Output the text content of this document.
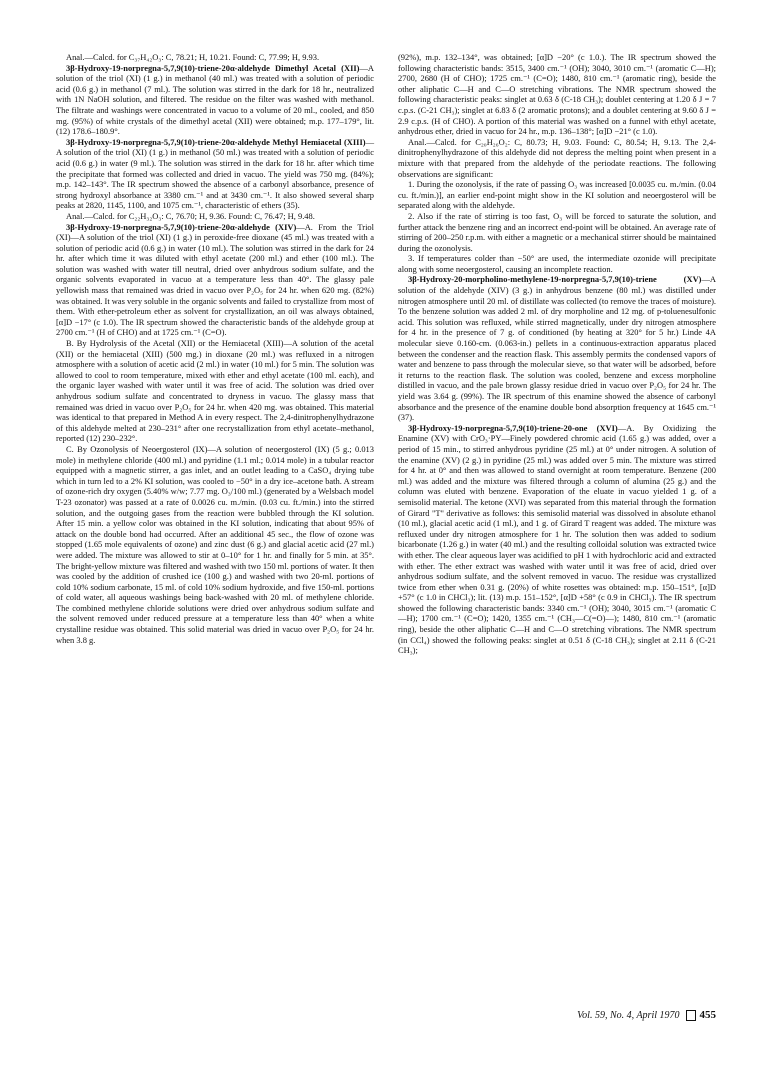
Anal.—Calcd. for C₃₇H₄₂O₃: C, 78.21; H, 10.21. Found: C, 77.99; H, 9.93.

3β-Hydroxy-19-norpregna-5,7,9(10)-triene-20α-aldehyde Dimethyl Acetal (XII)—A solution of the triol (XI) (1 g.) in methanol (40 ml.) was treated with a solution of periodic acid (0.6 g.) in methanol (7 ml.). The solution was stirred in the dark for 18 hr., neutralized with 1N NaOH solution, and filtered. The residue on the filter was washed with methanol. The filtrate and washings were concentrated in vacuo to a volume of 20 ml., cooled, and 850 mg. (95%) of white crystals of the dimethyl acetal (XII) were obtained; m.p. 177–179°, lit. (12) 178.6–180.9°.

3β-Hydroxy-19-norpregna-5,7,9(10)-triene-20α-aldehyde Methyl Hemiacetal (XIII)—A solution of the triol (XI) (1 g.) in methanol (50 ml.) was treated with a solution of periodic acid (0.6 g.) in water (9 ml.). The solution was stirred in the dark for 18 hr. after which time the precipitate that formed was collected and dried in vacuo. The yield was 750 mg. (84%); m.p. 142–143°. The IR spectrum showed the absence of a carbonyl absorbance, presence of strong hydroxyl absorbance at 3380 cm.⁻¹ and at 3430 cm.⁻¹. It also showed several sharp peaks at 2820, 1145, 1100, and 1075 cm.⁻¹, characteristic of ethers (35).

Anal.—Calcd. for C₂₂H₃₂O₃: C, 76.70; H, 9.36. Found: C, 76.47; H, 9.48.

3β-Hydroxy-19-norpregna-5,7,9(10)-triene-20α-aldehyde (XIV)—A. From the Triol (XI)—A solution of the triol (XI) (1 g.) in peroxide-free dioxane (45 ml.) was treated with a solution of periodic acid (0.6 g.) in water (10 ml.). The solution was stirred in the dark for 24 hr. after which time it was diluted with ethyl acetate (200 ml.) and ether (100 ml.). The solution was washed with water till neutral, dried over anhydrous sodium sulfate, and the organic solvents evaporated in vacuo at a temperature less than 40°. The glassy pale yellowish mass that remained was dried in vacuo over P₂O₅ for 24 hr. when 620 mg. (82%) was obtained. It was very soluble in the organic solvents and failed to crystallize from most of them. With ether-petroleum ether as solvent for crystallization, an oil was always obtained, [α]D −17° (c 1.0). The IR spectrum showed the characteristic bands of the aldehyde group at 2700 cm.⁻¹ (H of CHO) and at 1725 cm.⁻¹ (C=O).

B. By Hydrolysis of the Acetal (XII) or the Hemiacetal (XIII)—A solution of the acetal (XII) or the hemiacetal (XIII) (500 mg.) in dioxane (20 ml.) was refluxed in a nitrogen atmosphere with a solution of acetic acid (2 ml.) in water (10 ml.) for 5 min. The solution was allowed to cool to room temperature, mixed with ether and ethyl acetate (100 ml. each), and the organic layer washed with water until it was free of acid. The solution was dried over anhydrous sodium sulfate and concentrated to dryness in vacuo. The glassy mass that remained was dried in vacuo over P₂O₅ for 24 hr. when 420 mg. was obtained. This material was identical to that prepared in Method A in every respect. The 2,4-dinitrophenylhydrazone of this aldehyde melted at 230–231° after one recrystallization from ethyl acetate–methanol, reported (12) 230–232°.

C. By Ozonolysis of Neoergosterol (IX)—A solution of neoergosterol (IX) (5 g.; 0.013 mole) in methylene chloride (400 ml.) and pyridine (1.1 ml.; 0.014 mole) in a tubular reactor equipped with a magnetic stirrer, a gas inlet, and an outlet leading to a CaSO₄ drying tube which in turn led to a 2% KI solution, was cooled to −50° in a dry ice–acetone bath. A stream of ozone-rich dry oxygen (5.40% w/w; 7.77 mg. O₃/100 ml.) (generated by a Welsbach model T-23 ozonator) was passed at a rate of 0.0026 cu. m./min. (0.03 cu. ft./min.) into the stirred solution, and the outgoing gases from the reaction were bubbled through the KI solution. After 15 min. a yellow color was obtained in the KI solution, indicating that about 95% of attack on the double bond had occurred. After an additional 45 sec., the flow of ozone was stopped (1.65 mole equivalents of ozone) and zinc dust (6 g.) and glacial acetic acid (27 ml.) were added. The mixture was allowed to stir at 0–10° for 1 hr. and finally for 5 min. at 35°. The bright-yellow mixture was filtered and washed with two 150 ml. portions of water. It then was cooled by the addition of crushed ice (100 g.) and washed with two 20-ml. portions of cold 10% sodium carbonate, 15 ml. of cold 10% sodium hydroxide, and five 150-ml. portions of cold water, all aqueous washings being back-washed with 20 ml. of methylene chloride. The combined methylene chloride solutions were dried over anhydrous sodium sulfate and the solvent removed under reduced pressure at a temperature less than 40° when a white crystalline residue was obtained. This solid material was dried in vacuo over P₂O₅ for 24 hr. when 3.8 g.

(92%), m.p. 132–134°, was obtained; [α]D −20° (c 1.0.). The IR spectrum showed the following characteristic bands: 3515, 3400 cm.⁻¹ (OH); 3040, 3010 cm.⁻¹ (aromatic C—H); 2700, 2680 (H of CHO); 1725 cm.⁻¹ (C=O); 1480, 810 cm.⁻¹ (aromatic ring), beside the other aliphatic C—H and C—O stretching vibrations. The NMR spectrum showed the following characteristic peaks: singlet at 0.63 δ (C-18 CH₃); doublet centering at 1.20 δ J = 7 c.p.s. (C-21 CH₃); singlet at 6.83 δ (2 aromatic protons); and a doublet centering at 9.60 δ J = 2.9 c.p.s. (H of CHO). A portion of this material was washed on a funnel with ethyl acetate, anhydrous ether, dried in vacuo for 24 hr., m.p. 136–138°; [α]D −21° (c 1.0).

Anal.—Calcd. for C₂₀H₂₆O₂: C, 80.73; H, 9.03. Found: C, 80.54; H, 9.13. The 2,4-dinitrophenylhydrazone of this aldehyde did not depress the melting point when present in a mixture with that prepared from the aldehyde of the periodate reactions. The following observations are significant:

1. During the ozonolysis, if the rate of passing O₃ was increased [0.0035 cu. m./min. (0.04 cu. ft./min.)], an earlier end-point might show in the KI solution and neoergosterol will be separated along with the aldehyde.

2. Also if the rate of stirring is too fast, O₃ will be forced to saturate the solution, and further attack the benzene ring and an incorrect end-point will be obtained. An average rate of stirring of 200–250 r.p.m. with either a magnetic or a mechanical stirrer should be maintained during the ozonolysis.

3. If temperatures colder than −50° are used, the intermediate ozonide will precipitate along with some neoergosterol, causing an incomplete reaction.

3β-Hydroxy-20-morpholino-methylene-19-norpregna-5,7,9(10)-triene (XV)—A solution of the aldehyde (XIV) (3 g.) in anhydrous benzene (80 ml.) was distilled under nitrogen atmosphere until 20 ml. of distillate was collected (to remove the traces of moisture). To the benzene solution was added 2 ml. of dry morpholine and 12 mg. of p-toluenesulfonic acid. This solution was refluxed, while stirred magnetically, under dry nitrogen atmosphere for 4 hr. in the presence of 7 g. of conditioned (by heating at 320° for 5 hr.) Linde 4A molecular sieve 0.160-cm. (0.063-in.) pellets in a continuous-extraction apparatus placed between the condenser and the reaction flask. This assembly permits the condensed vapors of water and benzene to pass through the molecular sieve, so that water will be adsorbed, before it returns to the reaction flask. The solution was cooled, benzene and excess morpholine distilled in vacuo, and the pale brown glassy residue dried in vacuo over P₂O₅ for 24 hr. The yield was 3.64 g. (99%). The IR spectrum of this enamine showed the absence of carbonyl absorbance and the presence of the enamine double bond absorption frequency at 1645 cm.⁻¹ (37).

3β-Hydroxy-19-norpregna-5,7,9(10)-triene-20-one (XVI)—A. By Oxidizing the Enamine (XV) with CrO₃·PY—Finely powdered chromic acid (1.65 g.) was added, over a period of 15 min., to stirred anhydrous pyridine (25 ml.) at 0° under nitrogen. A solution of the enamine (XV) (2 g.) in pyridine (25 ml.) was added over 5 min. The mixture was stirred for 4 hr. at 0° and then was allowed to stand overnight at room temperature. Benzene (200 ml.) was added and the mixture was filtered through a column of alumina (25 g.) and the column was eluted with benzene. Evaporation of the eluate in vacuo yielded 1 g. of a semisolid material. The ketone (XVI) was separated from this material through the formation of Girard "T" derivative as follows: this semisolid material was dissolved in absolute ethanol (10 ml.), glacial acetic acid (1 ml.), and 1 g. of Girard T reagent was added. The mixture was refluxed under dry nitrogen atmosphere for 1 hr. The solution then was added to sodium bicarbonate (1.26 g.) in water (40 ml.) and the resulting colloidal solution was extracted twice with ether. The clear aqueous layer was acidified to pH 1 with hydrochloric acid and extracted with ether. The ether extract was washed with water until it was free of acid, dried over anhydrous sodium sulfate, and the solvent removed in vacuo. The residue was crystallized twice from ether when 0.31 g. (20%) of white rosettes was obtained: m.p. 150–151°, [α]D +57° (c 1.0 in CHCl₃); lit. (13) m.p. 151–152°, [α]D +58° (c 0.9 in CHCl₃). The IR spectrum showed the following characteristic bands: 3340 cm.⁻¹ (OH); 3040, 3015 cm.⁻¹ (aromatic C—H); 1700 cm.⁻¹ (C=O); 1420, 1355 cm.⁻¹ (CH₃—C(=O)—); 1480, 810 cm.⁻¹ (aromatic ring), beside the other aliphatic C—H and C—O stretching vibrations. The NMR spectrum (in CCl₄) showed the following peaks: singlet at 0.51 δ (C-18 CH₃); singlet at 2.11 δ (C-21 CH₃);

Vol. 59, No. 4, April 1970 455
